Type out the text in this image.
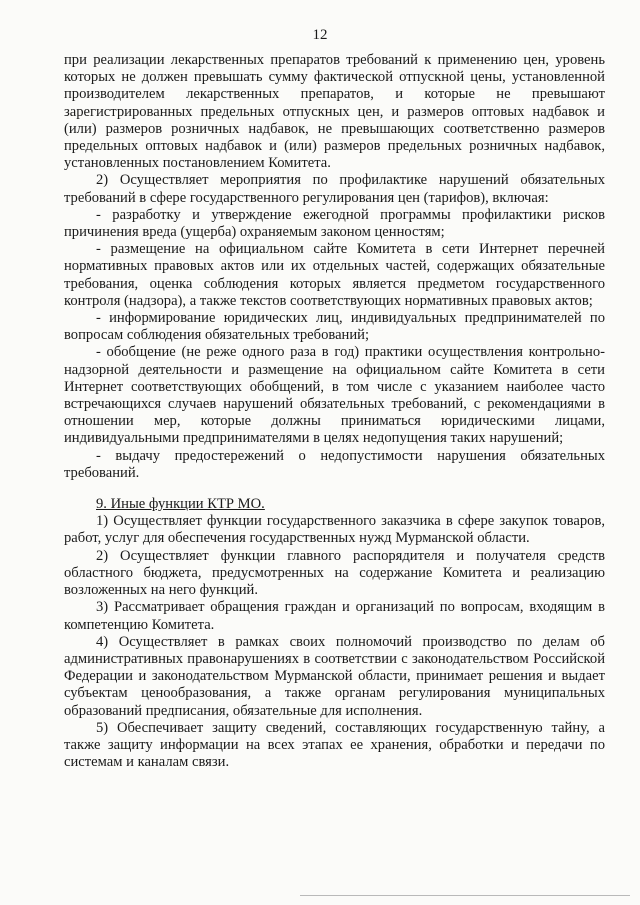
12

при реализации лекарственных препаратов требований к применению цен, уровень которых не должен превышать сумму фактической отпускной цены, установленной производителем лекарственных препаратов, и которые не превышают зарегистрированных предельных отпускных цен, и размеров оптовых надбавок и (или) размеров розничных надбавок, не превышающих соответственно размеров предельных оптовых надбавок и (или) размеров предельных розничных надбавок, установленных постановлением Комитета.

2) Осуществляет мероприятия по профилактике нарушений обязательных требований в сфере государственного регулирования цен (тарифов), включая:

- разработку и утверждение ежегодной программы профилактики рисков причинения вреда (ущерба) охраняемым законом ценностям;

- размещение на официальном сайте Комитета в сети Интернет перечней нормативных правовых актов или их отдельных частей, содержащих обязательные требования, оценка соблюдения которых является предметом государственного контроля (надзора), а также текстов соответствующих нормативных правовых актов;

- информирование юридических лиц, индивидуальных предпринимателей по вопросам соблюдения обязательных требований;

- обобщение (не реже одного раза в год) практики осуществления контрольно-надзорной деятельности и размещение на официальном сайте Комитета в сети Интернет соответствующих обобщений, в том числе с указанием наиболее часто встречающихся случаев нарушений обязательных требований, с рекомендациями в отношении мер, которые должны приниматься юридическими лицами, индивидуальными предпринимателями в целях недопущения таких нарушений;

- выдачу предостережений о недопустимости нарушения обязательных требований.

9. Иные функции КТР МО.

1) Осуществляет функции государственного заказчика в сфере закупок товаров, работ, услуг для обеспечения государственных нужд Мурманской области.

2) Осуществляет функции главного распорядителя и получателя средств областного бюджета, предусмотренных на содержание Комитета и реализацию возложенных на него функций.

3) Рассматривает обращения граждан и организаций по вопросам, входящим в компетенцию Комитета.

4) Осуществляет в рамках своих полномочий производство по делам об административных правонарушениях в соответствии с законодательством Российской Федерации и законодательством Мурманской области, принимает решения и выдает субъектам ценообразования, а также органам регулирования муниципальных образований предписания, обязательные для исполнения.

5) Обеспечивает защиту сведений, составляющих государственную тайну, а также защиту информации на всех этапах ее хранения, обработки и передачи по системам и каналам связи.
